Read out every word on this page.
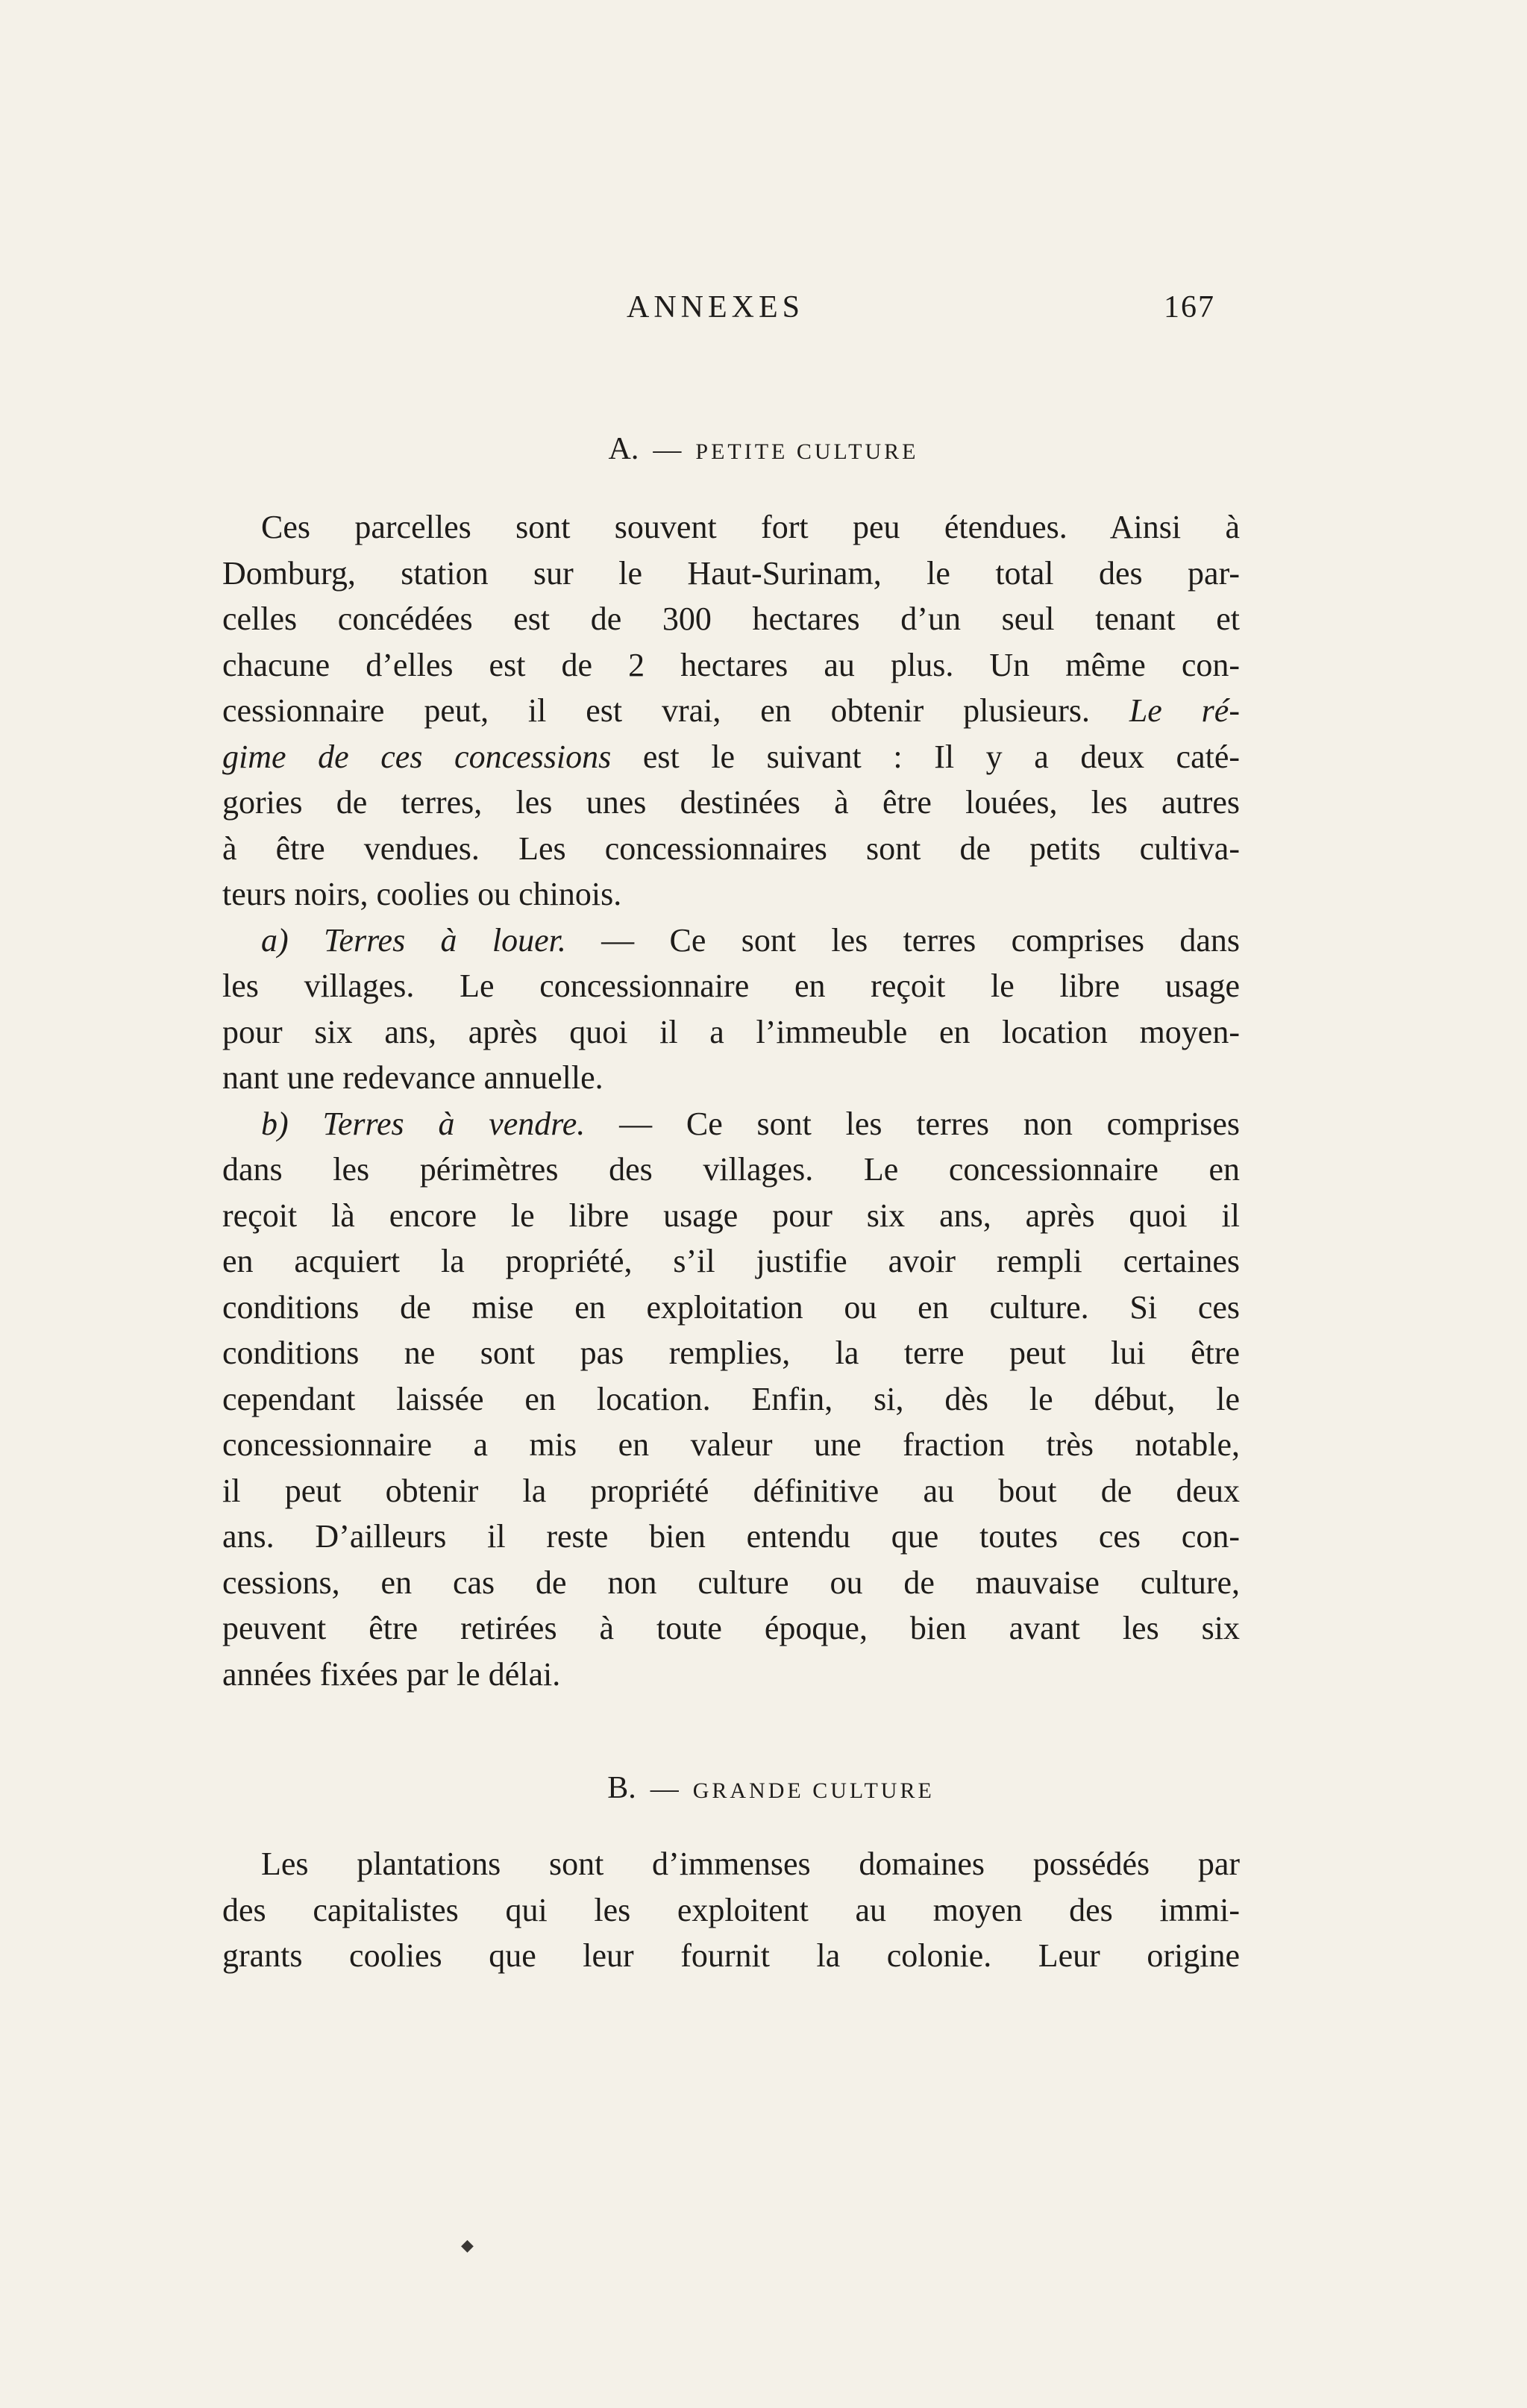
ANNEXES	167
A. — PETITE CULTURE
Ces parcelles sont souvent fort peu étendues. Ainsi à
Domburg, station sur le Haut-Surinam, le total des par-
celles concédées est de 300 hectares d’un seul tenant et
chacune d’elles est de 2 hectares au plus. Un même con-
cessionnaire peut, il est vrai, en obtenir plusieurs. Le ré-
gime de ces concessions est le suivant : Il y a deux caté-
gories de terres, les unes destinées à être louées, les autres
à être vendues. Les concessionnaires sont de petits cultiva-
teurs noirs, coolies ou chinois.
a) Terres à louer. — Ce sont les terres comprises dans
les villages. Le concessionnaire en reçoit le libre usage
pour six ans, après quoi il a l’immeuble en location moyen-
nant une redevance annuelle.
b) Terres à vendre. — Ce sont les terres non comprises
dans les périmètres des villages. Le concessionnaire en
reçoit là encore le libre usage pour six ans, après quoi il
en acquiert la propriété, s’il justifie avoir rempli certaines
conditions de mise en exploitation ou en culture. Si ces
conditions ne sont pas remplies, la terre peut lui être
cependant laissée en location. Enfin, si, dès le début, le
concessionnaire a mis en valeur une fraction très notable,
il peut obtenir la propriété définitive au bout de deux
ans. D’ailleurs il reste bien entendu que toutes ces con-
cessions, en cas de non culture ou de mauvaise culture,
peuvent être retirées à toute époque, bien avant les six
années fixées par le délai.
B. — GRANDE CULTURE
Les plantations sont d’immenses domaines possédés par
des capitalistes qui les exploitent au moyen des immi-
grants coolies que leur fournit la colonie. Leur origine
◆
